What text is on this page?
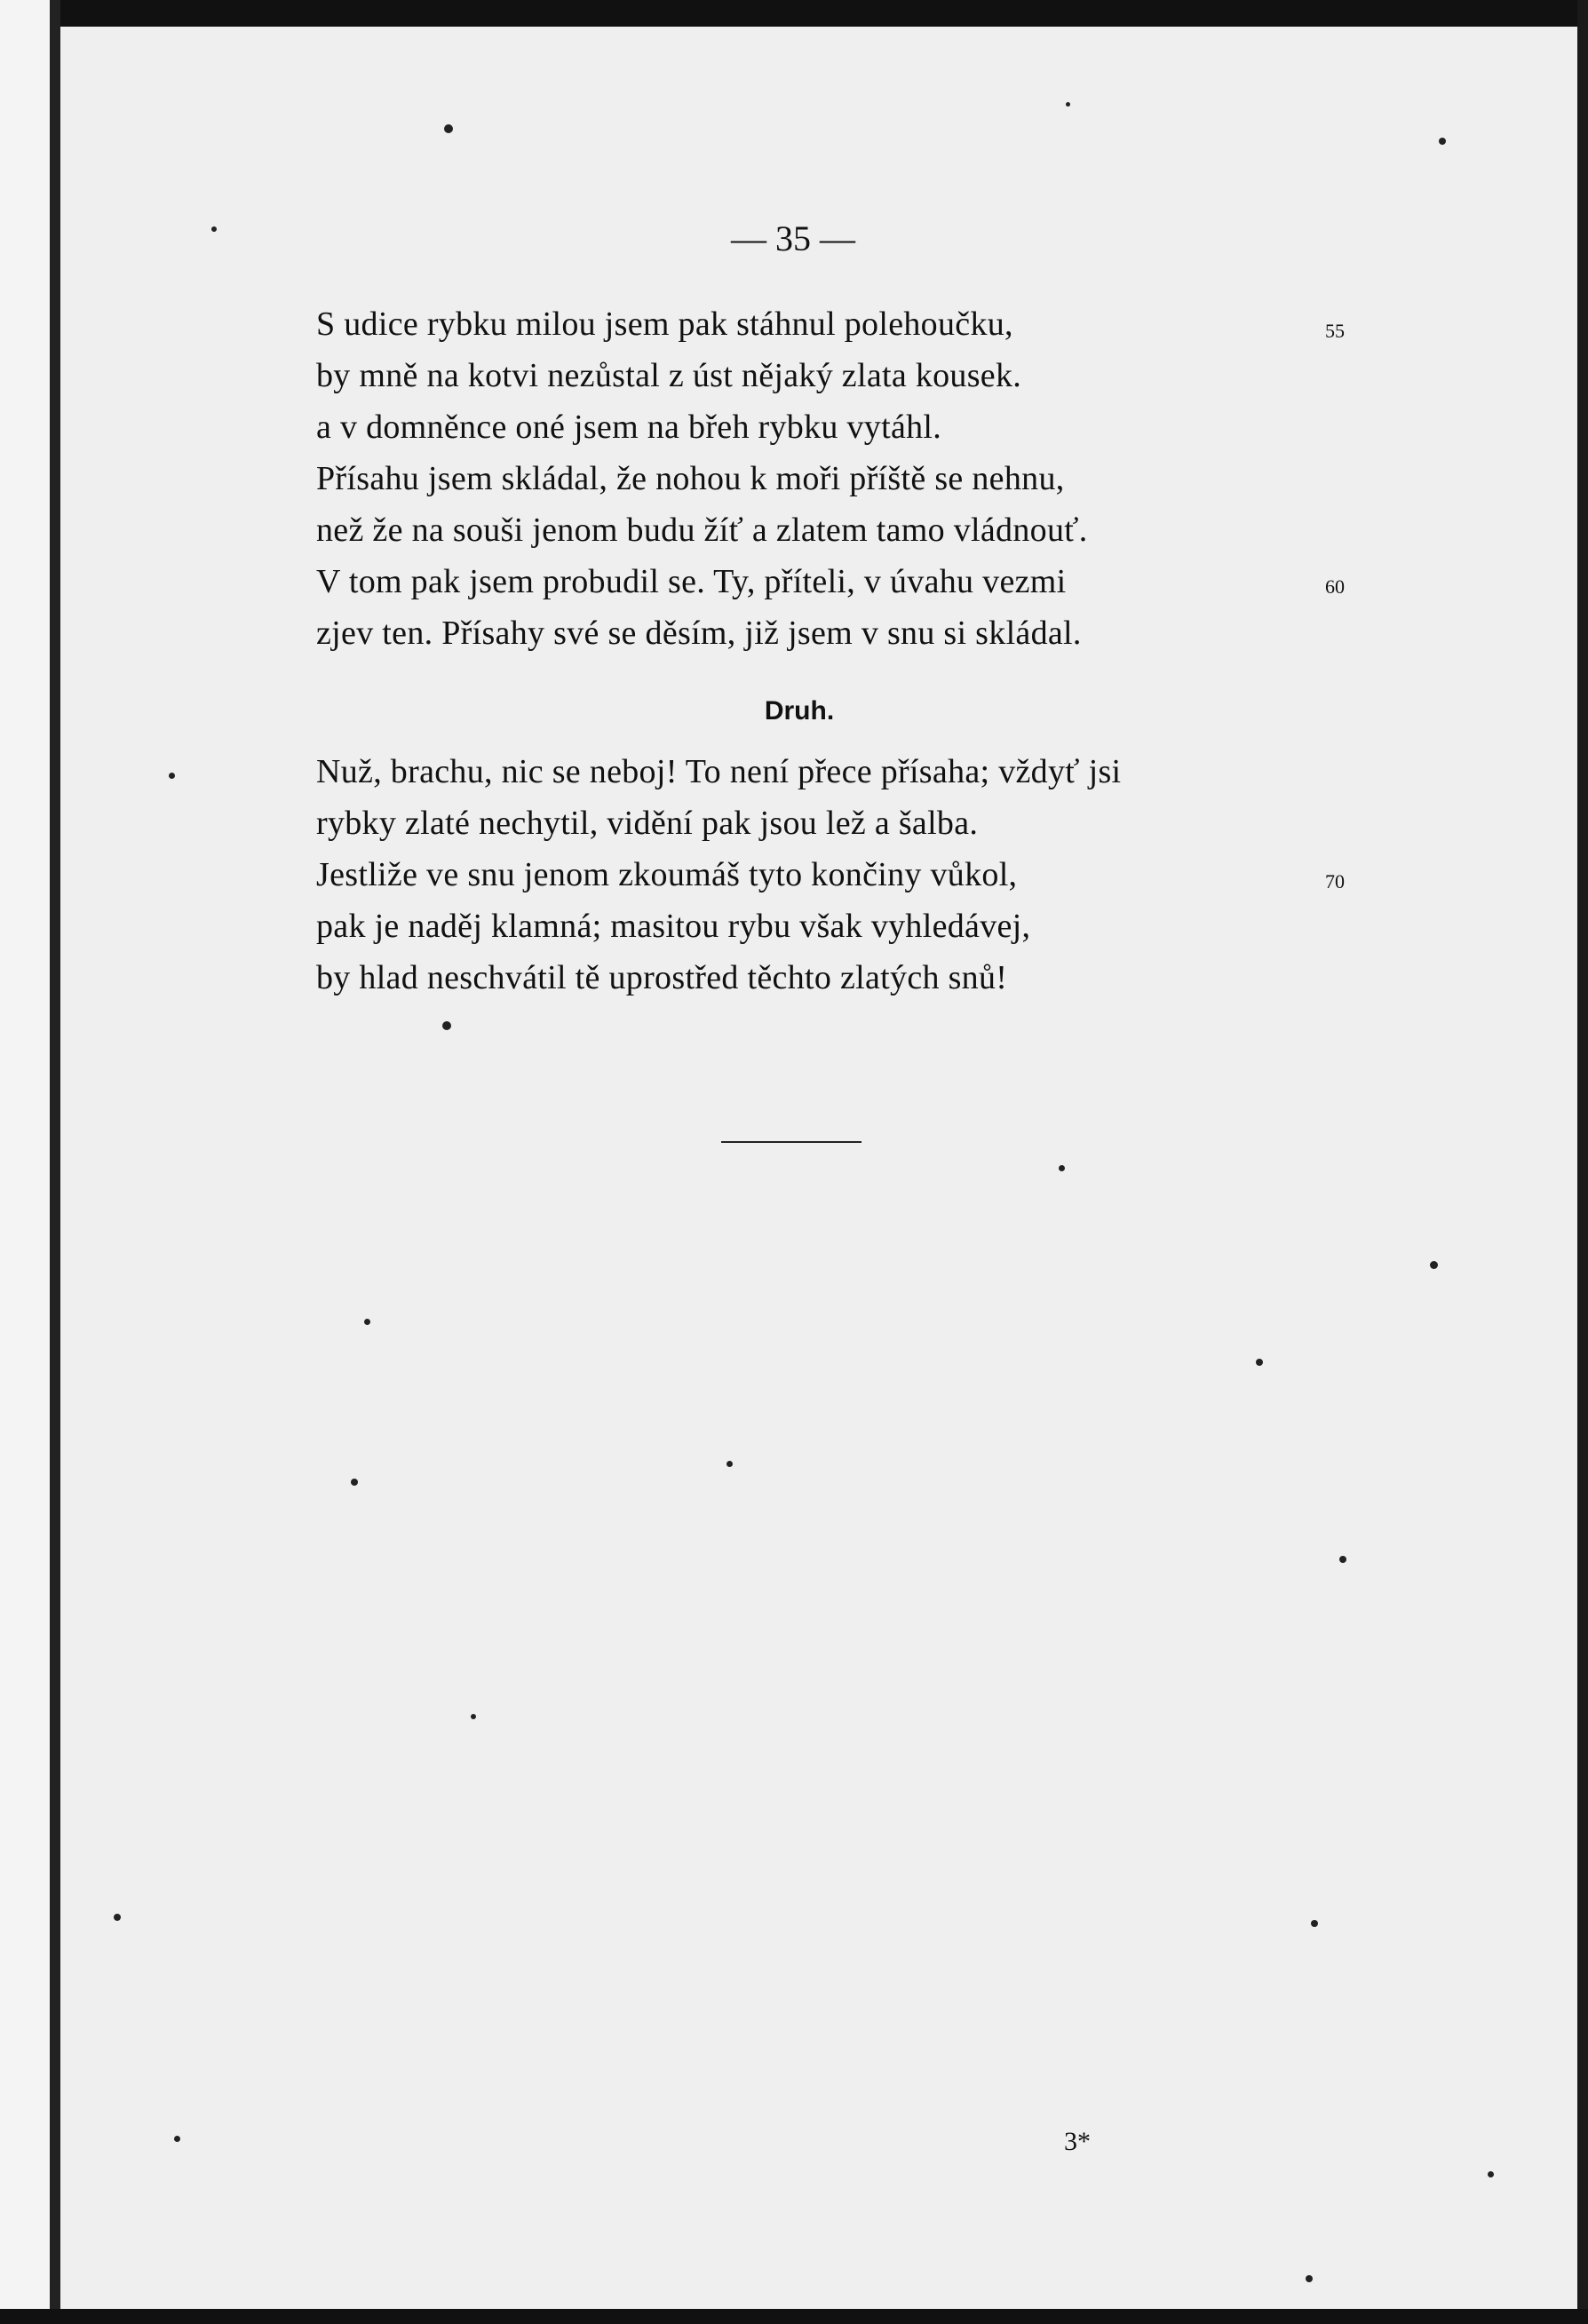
— 35 —
S udice rybku milou jsem pak stáhnul polehoučku,
by mně na kotvi nezůstal z úst nějaký zlata kousek.
a v domněnce oné jsem na břeh rybku vytáhl.
Přísahu jsem skládal, že nohou k moři příště se nehnu,
než že na souši jenom budu žíť a zlatem tamo vládnouť.
V tom pak jsem probudil se. Ty, příteli, v úvahu vezmi
zjev ten. Přísahy své se děsím, již jsem v snu si skládal.
55
60
Druh.
Nuž, brachu, nic se neboj! To není přece přísaha; vždyť jsi
rybky zlaté nechytil, vidění pak jsou lež a šalba.
Jestliže ve snu jenom zkoumáš tyto končiny vůkol,
pak je naděj klamná; masitou rybu však vyhledávej,
by hlad neschvátil tě uprostřed těchto zlatých snů!
70
3*
